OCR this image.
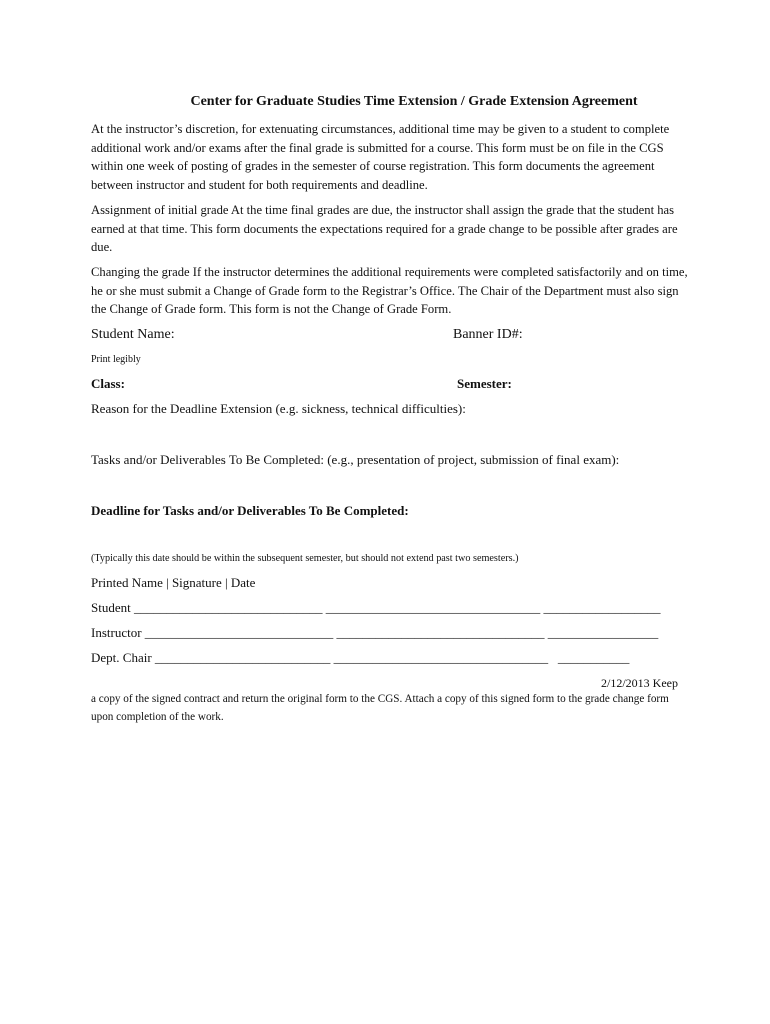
Center for Graduate Studies Time Extension / Grade Extension Agreement
At the instructor’s discretion, for extenuating circumstances, additional time may be given to a student to complete additional work and/or exams after the final grade is submitted for a course. This form must be on file in the CGS within one week of posting of grades in the semester of course registration. This form documents the agreement between instructor and student for both requirements and deadline.
Assignment of initial grade At the time final grades are due, the instructor shall assign the grade that the student has earned at that time. This form documents the expectations required for a grade change to be possible after grades are due.
Changing the grade If the instructor determines the additional requirements were completed satisfactorily and on time, he or she must submit a Change of Grade form to the Registrar’s Office. The Chair of the Department must also sign the Change of Grade form. This form is not the Change of Grade Form.
Student Name:	Banner ID#:
Print legibly
Class:	Semester:
Reason for the Deadline Extension (e.g. sickness, technical difficulties):
Tasks and/or Deliverables To Be Completed: (e.g., presentation of project, submission of final exam):
Deadline for Tasks and/or Deliverables To Be Completed:
(Typically this date should be within the subsequent semester, but should not extend past two semesters.)
Printed Name | Signature | Date
Student _____________________________ _________________________________ __________________
Instructor _____________________________ ________________________________ _________________
Dept. Chair ___________________________ _________________________________   ___________
2/12/2013 Keep
a copy of the signed contract and return the original form to the CGS. Attach a copy of this signed form to the grade change form upon completion of the work.
